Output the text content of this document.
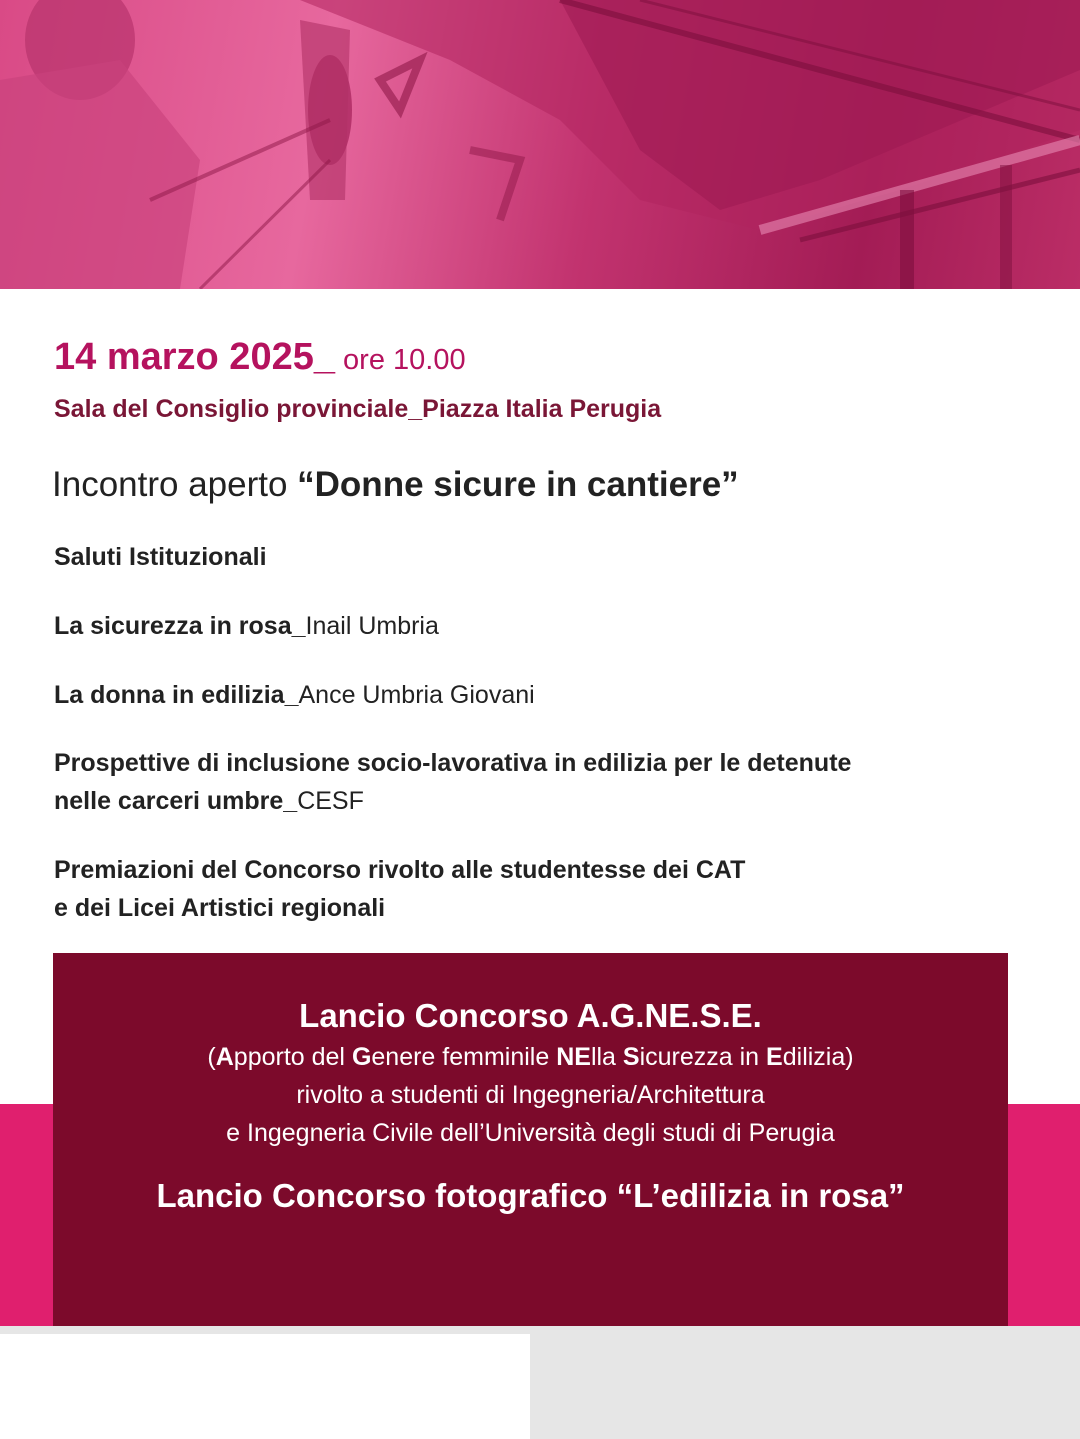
14 marzo 2025_ ore 10.00
Sala del Consiglio provinciale_Piazza Italia Perugia
Incontro aperto “Donne sicure in cantiere”
Saluti Istituzionali
La sicurezza in rosa_Inail Umbria
La donna in edilizia_Ance Umbria Giovani
Prospettive di inclusione socio-lavorativa in edilizia per le detenute
nelle carceri umbre_CESF
Premiazioni del Concorso rivolto alle studentesse dei CAT
e dei Licei Artistici regionali
Lancio Concorso A.G.NE.S.E.
(Apporto del Genere femminile NElla Sicurezza in Edilizia)
rivolto a studenti di Ingegneria/Architettura
e Ingegneria Civile dell’Università degli studi di Perugia
Lancio Concorso fotografico “L’edilizia in rosa”
